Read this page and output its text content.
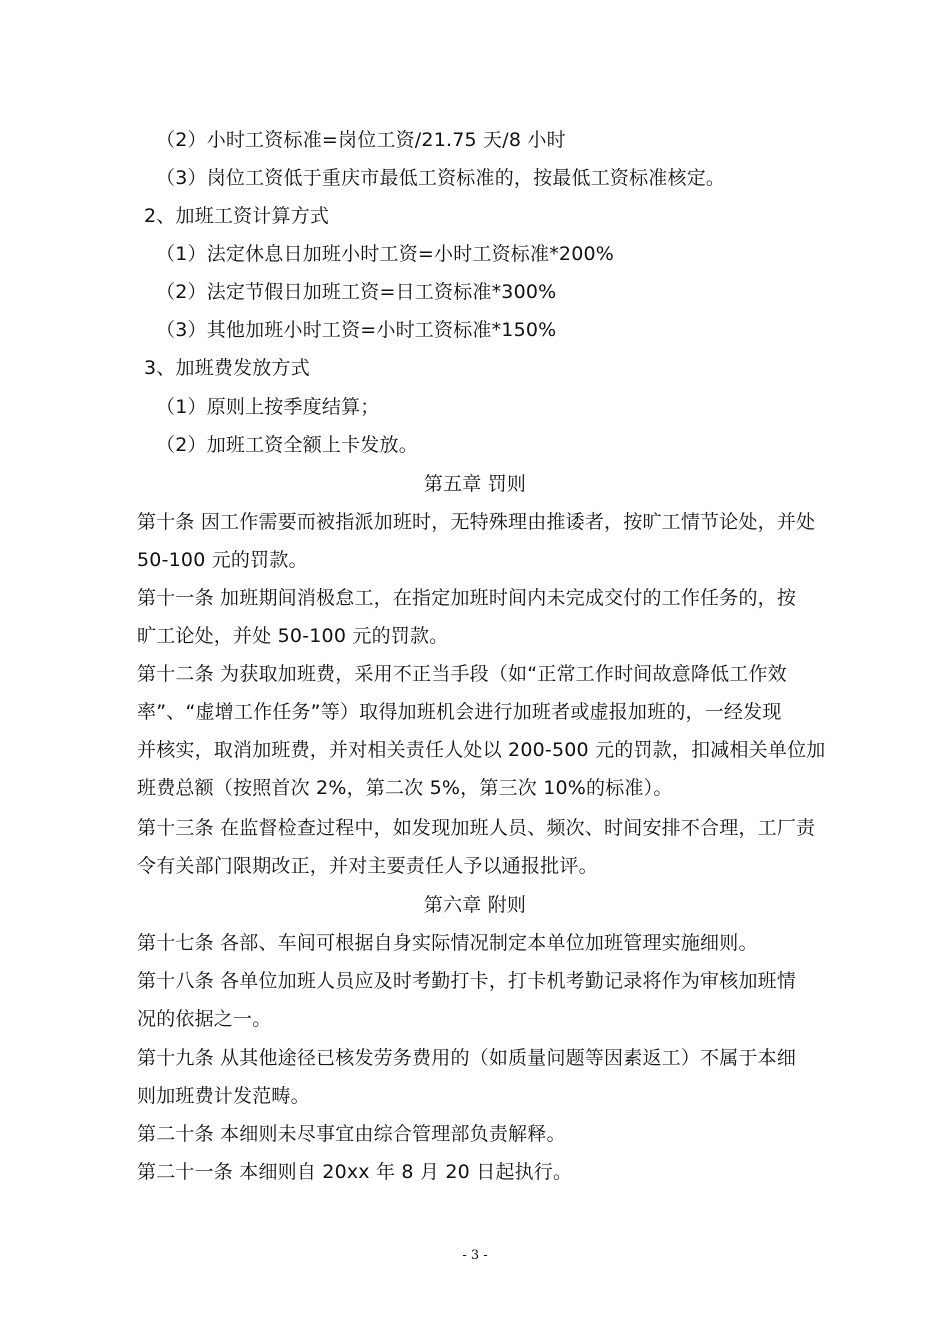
（2）小时工资标准=岗位工资/21.75 天/8 小时
（3）岗位工资低于重庆市最低工资标准的，按最低工资标准核定。
2、加班工资计算方式
（1）法定休息日加班小时工资=小时工资标准*200%
（2）法定节假日加班工资=日工资标准*300%
（3）其他加班小时工资=小时工资标准*150%
3、加班费发放方式
（1）原则上按季度结算；
（2）加班工资全额上卡发放。
第五章 罚则
第十条 因工作需要而被指派加班时，无特殊理由推诿者，按旷工情节论处，并处
50-100 元的罚款。
第十一条 加班期间消极怠工，在指定加班时间内未完成交付的工作任务的，按
旷工论处，并处 50-100 元的罚款。
第十二条 为获取加班费，采用不正当手段（如“正常工作时间故意降低工作效
率”、“虚增工作任务”等）取得加班机会进行加班者或虚报加班的，一经发现
并核实，取消加班费，并对相关责任人处以 200-500 元的罚款，扣减相关单位加
班费总额（按照首次 2%，第二次 5%，第三次 10%的标准）。
第十三条 在监督检查过程中，如发现加班人员、频次、时间安排不合理，工厂责
令有关部门限期改正，并对主要责任人予以通报批评。
第六章 附则
第十七条 各部、车间可根据自身实际情况制定本单位加班管理实施细则。
第十八条 各单位加班人员应及时考勤打卡，打卡机考勤记录将作为审核加班情
况的依据之一。
第十九条 从其他途径已核发劳务费用的（如质量问题等因素返工）不属于本细
则加班费计发范畴。
第二十条 本细则未尽事宜由综合管理部负责解释。
第二十一条 本细则自 20xx 年 8 月 20 日起执行。
- 3 -
